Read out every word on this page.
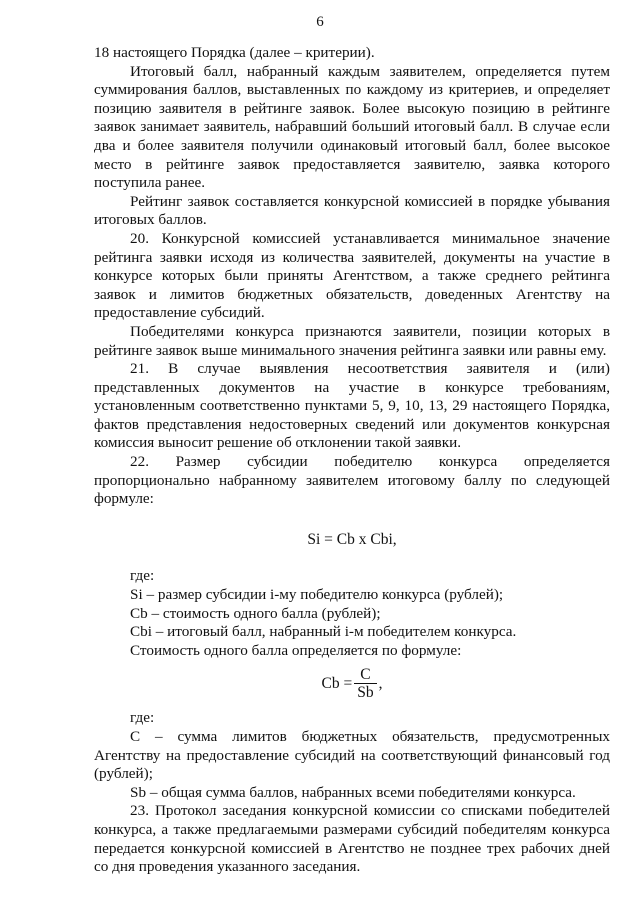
6

18 настоящего Порядка (далее – критерии).

Итоговый балл, набранный каждым заявителем, определяется путем суммирования баллов, выставленных по каждому из критериев, и определяет позицию заявителя в рейтинге заявок. Более высокую позицию в рейтинге заявок занимает заявитель, набравший больший итоговый балл. В случае если два и более заявителя получили одинаковый итоговый балл, более высокое место в рейтинге заявок предоставляется заявителю, заявка которого поступила ранее.

Рейтинг заявок составляется конкурсной комиссией в порядке убывания итоговых баллов.

20. Конкурсной комиссией устанавливается минимальное значение рейтинга заявки исходя из количества заявителей, документы на участие в конкурсе которых были приняты Агентством, а также среднего рейтинга заявок и лимитов бюджетных обязательств, доведенных Агентству на предоставление субсидий.

Победителями конкурса признаются заявители, позиции которых в рейтинге заявок выше минимального значения рейтинга заявки или равны ему.

21. В случае выявления несоответствия заявителя и (или) представленных документов на участие в конкурсе требованиям, установленным соответственно пунктами 5, 9, 10, 13, 29 настоящего Порядка, фактов представления недостоверных сведений или документов конкурсная комиссия выносит решение об отклонении такой заявки.

22. Размер субсидии победителю конкурса определяется

пропорционально набранному заявителем итоговому баллу по следующей формуле:

Si = Cb x Cbi,

где:

Si – размер субсидии i-му победителю конкурса (рублей);

Cb – стоимость одного балла (рублей);

Cbi – итоговый балл, набранный i-м победителем конкурса.

Стоимость одного балла определяется по формуле:

$Cb = \frac{C}{Sb}$ ,

где:

С – сумма лимитов бюджетных обязательств, предусмотренных Агентству на предоставление субсидий на соответствующий финансовый год (рублей);

Sb – общая сумма баллов, набранных всеми победителями конкурса.

23. Протокол заседания конкурсной комиссии со списками победителей конкурса, а также предлагаемыми размерами субсидий победителям конкурса передается конкурсной комиссией в Агентство не позднее трех рабочих дней со дня проведения указанного заседания.
